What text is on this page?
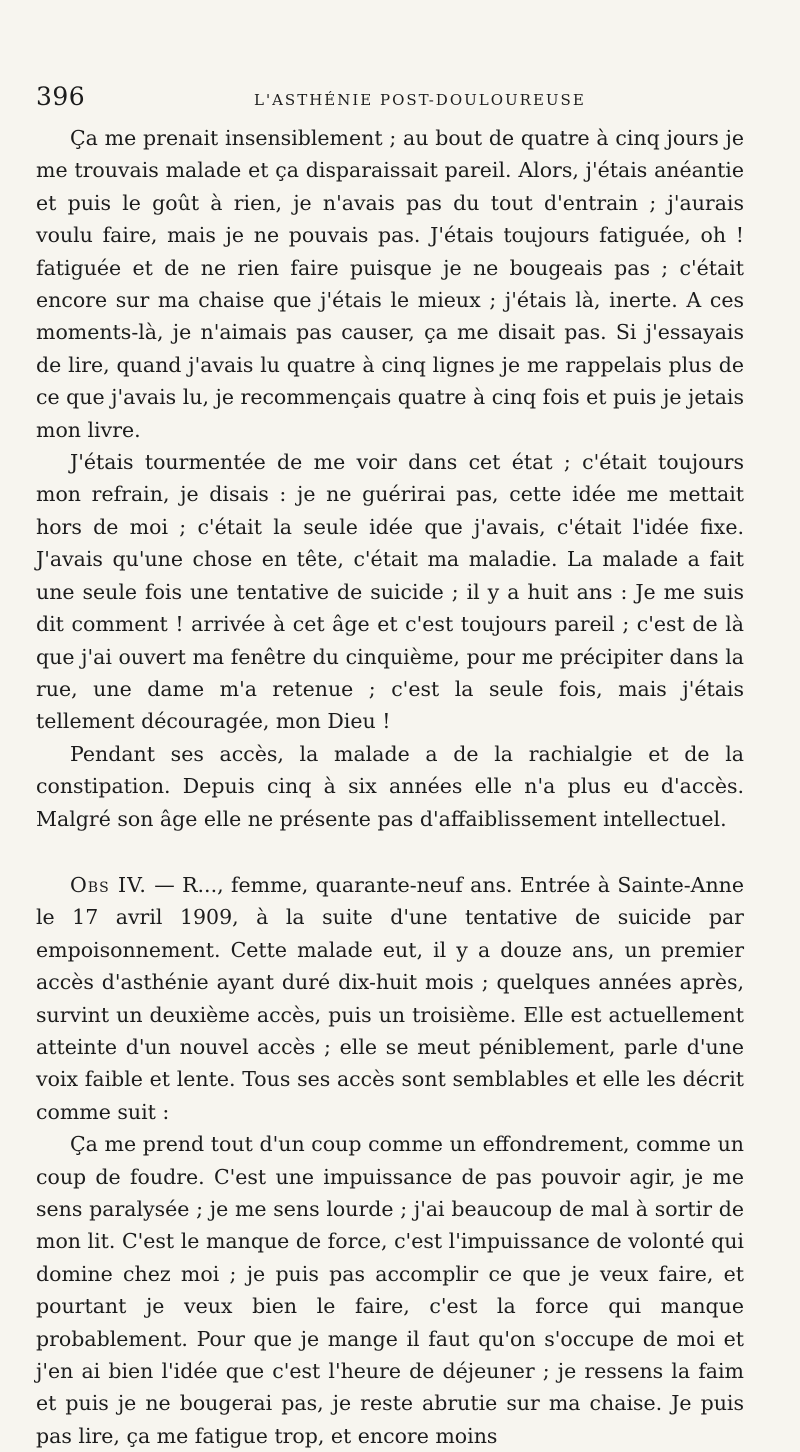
396	L'ASTHÉNIE POST-DOULOUREUSE

Ça me prenait insensiblement ; au bout de quatre à cinq jours je me trouvais malade et ça disparaissait pareil. Alors, j'étais anéantie et puis le goût à rien, je n'avais pas du tout d'entrain ; j'aurais voulu faire, mais je ne pouvais pas. J'étais toujours fatiguée, oh ! fatiguée et de ne rien faire puisque je ne bougeais pas ; c'était encore sur ma chaise que j'étais le mieux ; j'étais là, inerte. A ces moments-là, je n'aimais pas causer, ça me disait pas. Si j'essayais de lire, quand j'avais lu quatre à cinq lignes je me rappelais plus de ce que j'avais lu, je recommençais quatre à cinq fois et puis je jetais mon livre.

J'étais tourmentée de me voir dans cet état ; c'était toujours mon refrain, je disais : je ne guérirai pas, cette idée me mettait hors de moi ; c'était la seule idée que j'avais, c'était l'idée fixe. J'avais qu'une chose en tête, c'était ma maladie. La malade a fait une seule fois une tentative de suicide ; il y a huit ans : Je me suis dit comment ! arrivée à cet âge et c'est toujours pareil ; c'est de là que j'ai ouvert ma fenêtre du cinquième, pour me précipiter dans la rue, une dame m'a retenue ; c'est la seule fois, mais j'étais tellement découragée, mon Dieu !

Pendant ses accès, la malade a de la rachialgie et de la constipation. Depuis cinq à six années elle n'a plus eu d'accès. Malgré son âge elle ne présente pas d'affaiblissement intellectuel.

Obs IV. — R..., femme, quarante-neuf ans. Entrée à Sainte-Anne le 17 avril 1909, à la suite d'une tentative de suicide par empoisonnement. Cette malade eut, il y a douze ans, un premier accès d'asthénie ayant duré dix-huit mois ; quelques années après, survint un deuxième accès, puis un troisième. Elle est actuellement atteinte d'un nouvel accès ; elle se meut péniblement, parle d'une voix faible et lente. Tous ses accès sont semblables et elle les décrit comme suit :

Ça me prend tout d'un coup comme un effondrement, comme un coup de foudre. C'est une impuissance de pas pouvoir agir, je me sens paralysée ; je me sens lourde ; j'ai beaucoup de mal à sortir de mon lit. C'est le manque de force, c'est l'impuissance de volonté qui domine chez moi ; je puis pas accomplir ce que je veux faire, et pourtant je veux bien le faire, c'est la force qui manque probablement. Pour que je mange il faut qu'on s'occupe de moi et j'en ai bien l'idée que c'est l'heure de déjeuner ; je ressens la faim et puis je ne bougerai pas, je reste abrutie sur ma chaise. Je puis pas lire, ça me fatigue trop, et encore moins
